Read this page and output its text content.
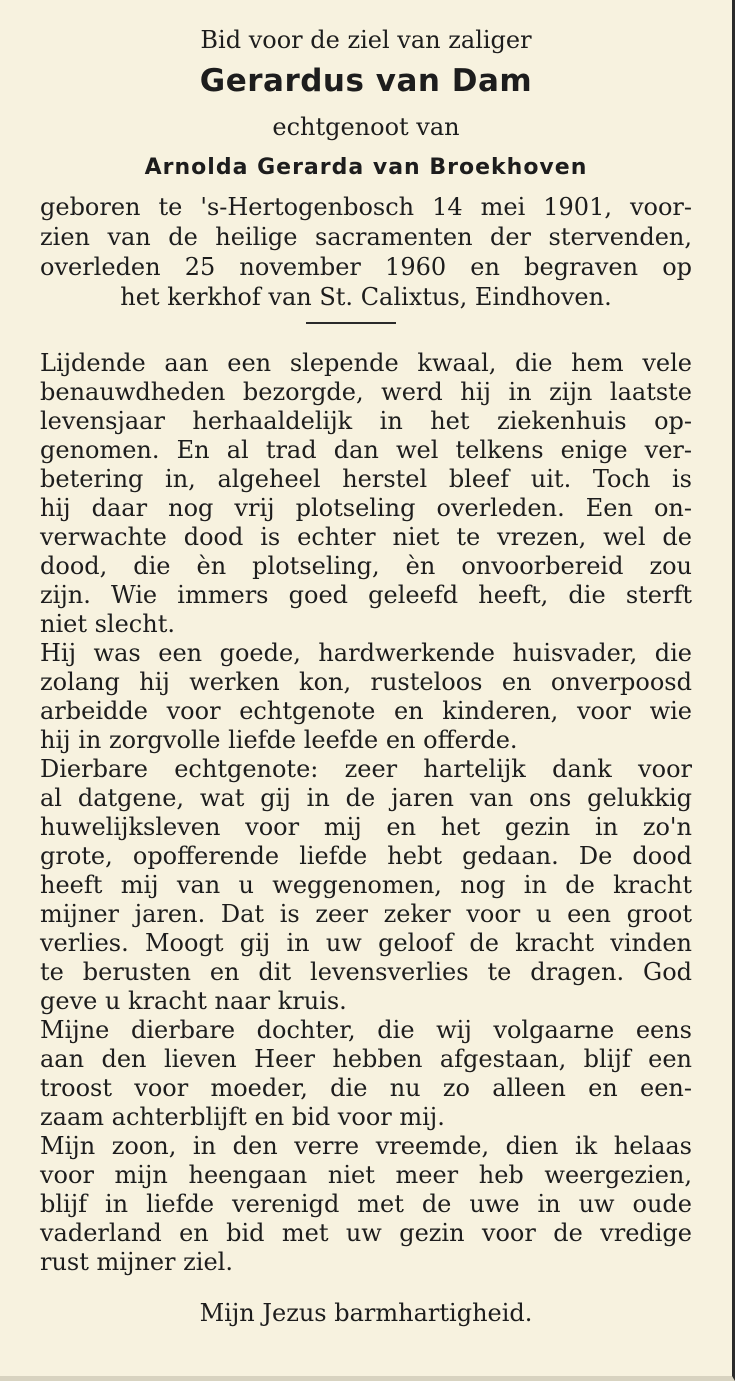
Bid voor de ziel van zaliger
Gerardus van Dam
echtgenoot van
Arnolda Gerarda van Broekhoven
geboren te 's-Hertogenbosch 14 mei 1901, voor-
zien van de heilige sacramenten der stervenden,
overleden 25 november 1960 en begraven op
het kerkhof van St. Calixtus, Eindhoven.
Lijdende aan een slepende kwaal, die hem vele
benauwdheden bezorgde, werd hij in zijn laatste
levensjaar herhaaldelijk in het ziekenhuis op-
genomen. En al trad dan wel telkens enige ver-
betering in, algeheel herstel bleef uit. Toch is
hij daar nog vrij plotseling overleden. Een on-
verwachte dood is echter niet te vrezen, wel de
dood, die èn plotseling, èn onvoorbereid zou
zijn. Wie immers goed geleefd heeft, die sterft
niet slecht.
Hij was een goede, hardwerkende huisvader, die
zolang hij werken kon, rusteloos en onverpoosd
arbeidde voor echtgenote en kinderen, voor wie
hij in zorgvolle liefde leefde en offerde.
Dierbare echtgenote: zeer hartelijk dank voor
al datgene, wat gij in de jaren van ons gelukkig
huwelijksleven voor mij en het gezin in zo'n
grote, opofferende liefde hebt gedaan. De dood
heeft mij van u weggenomen, nog in de kracht
mijner jaren. Dat is zeer zeker voor u een groot
verlies. Moogt gij in uw geloof de kracht vinden
te berusten en dit levensverlies te dragen. God
geve u kracht naar kruis.
Mijne dierbare dochter, die wij volgaarne eens
aan den lieven Heer hebben afgestaan, blijf een
troost voor moeder, die nu zo alleen en een-
zaam achterblijft en bid voor mij.
Mijn zoon, in den verre vreemde, dien ik helaas
voor mijn heengaan niet meer heb weergezien,
blijf in liefde verenigd met de uwe in uw oude
vaderland en bid met uw gezin voor de vredige
rust mijner ziel.
Mijn Jezus barmhartigheid.
